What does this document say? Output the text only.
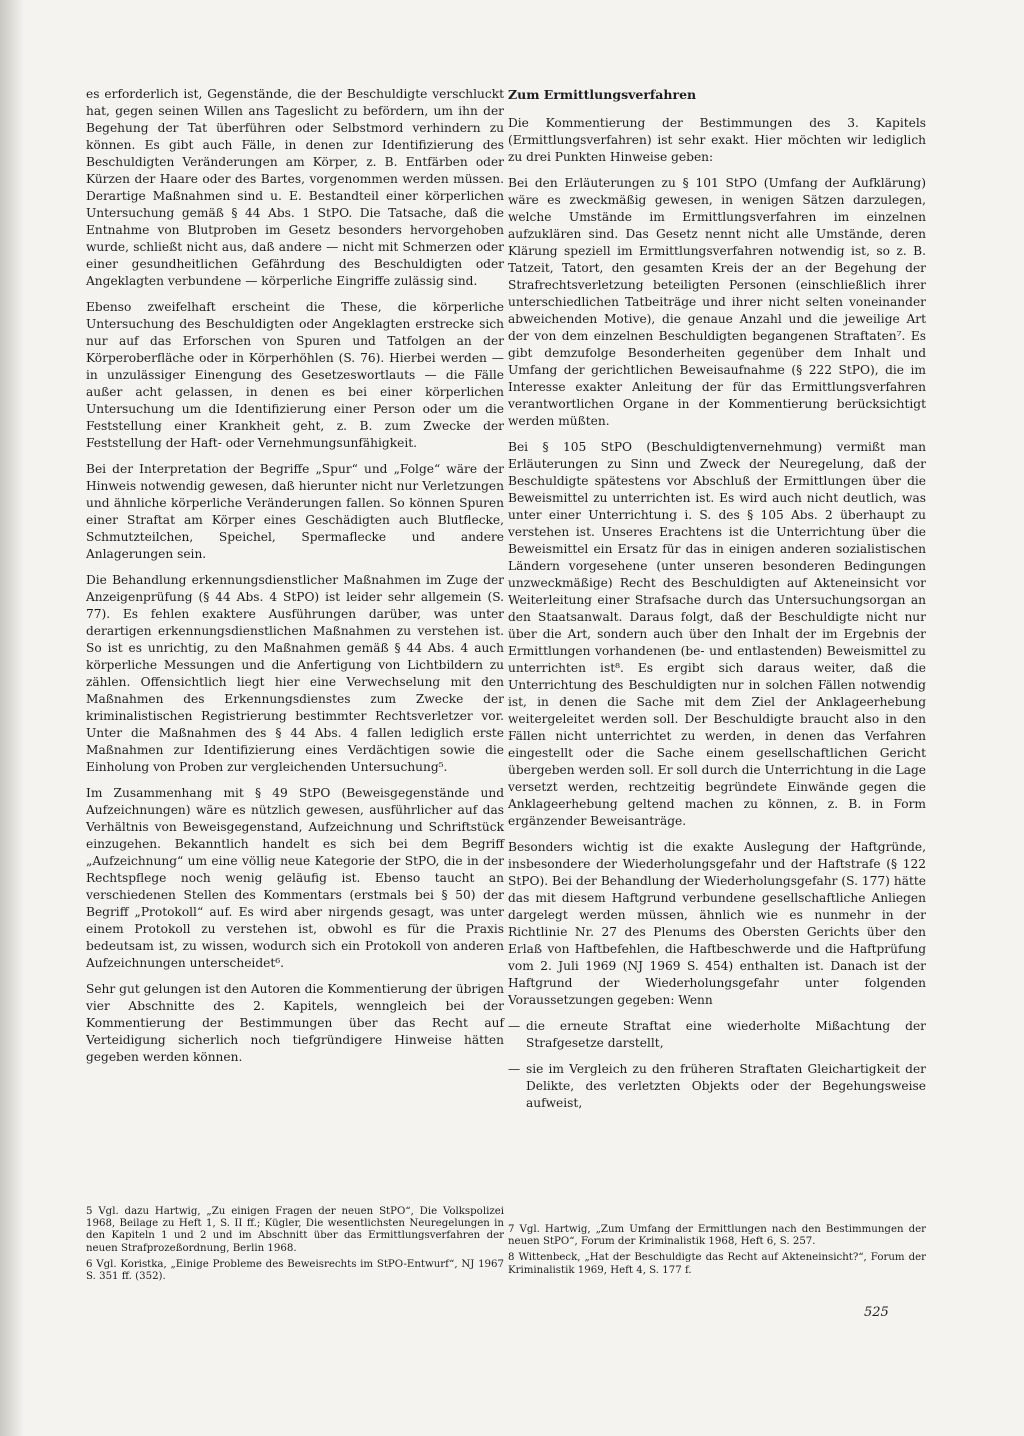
es erforderlich ist, Gegenstände, die der Beschuldigte verschluckt hat, gegen seinen Willen ans Tageslicht zu befördern, um ihn der Begehung der Tat überführen oder Selbstmord verhindern zu können. Es gibt auch Fälle, in denen zur Identifizierung des Beschuldigten Veränderungen am Körper, z. B. Entfärben oder Kürzen der Haare oder des Bartes, vorgenommen werden müssen. Derartige Maßnahmen sind u. E. Bestandteil einer körperlichen Untersuchung gemäß § 44 Abs. 1 StPO. Die Tatsache, daß die Entnahme von Blutproben im Gesetz besonders hervorgehoben wurde, schließt nicht aus, daß andere — nicht mit Schmerzen oder einer gesundheitlichen Gefährdung des Beschuldigten oder Angeklagten verbundene — körperliche Eingriffe zulässig sind.

Ebenso zweifelhaft erscheint die These, die körperliche Untersuchung des Beschuldigten oder Angeklagten erstrecke sich nur auf das Erforschen von Spuren und Tatfolgen an der Körperoberfläche oder in Körperhöhlen (S. 76). Hierbei werden — in unzulässiger Einengung des Gesetzeswortlauts — die Fälle außer acht gelassen, in denen es bei einer körperlichen Untersuchung um die Identifizierung einer Person oder um die Feststellung einer Krankheit geht, z. B. zum Zwecke der Feststellung der Haft- oder Vernehmungsunfähigkeit.

Bei der Interpretation der Begriffe „Spur“ und „Folge“ wäre der Hinweis notwendig gewesen, daß hierunter nicht nur Verletzungen und ähnliche körperliche Veränderungen fallen. So können Spuren einer Straftat am Körper eines Geschädigten auch Blutflecke, Schmutzteilchen, Speichel, Spermaflecke und andere Anlagerungen sein.

Die Behandlung erkennungsdienstlicher Maßnahmen im Zuge der Anzeigenprüfung (§ 44 Abs. 4 StPO) ist leider sehr allgemein (S. 77). Es fehlen exaktere Ausführungen darüber, was unter derartigen erkennungsdienstlichen Maßnahmen zu verstehen ist. So ist es unrichtig, zu den Maßnahmen gemäß § 44 Abs. 4 auch körperliche Messungen und die Anfertigung von Lichtbildern zu zählen. Offensichtlich liegt hier eine Verwechselung mit den Maßnahmen des Erkennungsdienstes zum Zwecke der kriminalistischen Registrierung bestimmter Rechtsverletzer vor. Unter die Maßnahmen des § 44 Abs. 4 fallen lediglich erste Maßnahmen zur Identifizierung eines Verdächtigen sowie die Einholung von Proben zur vergleichenden Untersuchung⁵.

Im Zusammenhang mit § 49 StPO (Beweisgegenstände und Aufzeichnungen) wäre es nützlich gewesen, ausführlicher auf das Verhältnis von Beweisgegenstand, Aufzeichnung und Schriftstück einzugehen. Bekanntlich handelt es sich bei dem Begriff „Aufzeichnung“ um eine völlig neue Kategorie der StPO, die in der Rechtspflege noch wenig geläufig ist. Ebenso taucht an verschiedenen Stellen des Kommentars (erstmals bei § 50) der Begriff „Protokoll“ auf. Es wird aber nirgends gesagt, was unter einem Protokoll zu verstehen ist, obwohl es für die Praxis bedeutsam ist, zu wissen, wodurch sich ein Protokoll von anderen Aufzeichnungen unterscheidet⁶.

Sehr gut gelungen ist den Autoren die Kommentierung der übrigen vier Abschnitte des 2. Kapitels, wenngleich bei der Kommentierung der Bestimmungen über das Recht auf Verteidigung sicherlich noch tiefgründigere Hinweise hätten gegeben werden können.

Zum Ermittlungsverfahren

Die Kommentierung der Bestimmungen des 3. Kapitels (Ermittlungsverfahren) ist sehr exakt. Hier möchten wir lediglich zu drei Punkten Hinweise geben:

Bei den Erläuterungen zu § 101 StPO (Umfang der Aufklärung) wäre es zweckmäßig gewesen, in wenigen Sätzen darzulegen, welche Umstände im Ermittlungsverfahren im einzelnen aufzuklären sind. Das Gesetz nennt nicht alle Umstände, deren Klärung speziell im Ermittlungsverfahren notwendig ist, so z. B. Tatzeit, Tatort, den gesamten Kreis der an der Begehung der Strafrechtsverletzung beteiligten Personen (einschließlich ihrer unterschiedlichen Tatbeiträge und ihrer nicht selten voneinander abweichenden Motive), die genaue Anzahl und die jeweilige Art der von dem einzelnen Beschuldigten begangenen Straftaten⁷. Es gibt demzufolge Besonderheiten gegenüber dem Inhalt und Umfang der gerichtlichen Beweisaufnahme (§ 222 StPO), die im Interesse exakter Anleitung der für das Ermittlungsverfahren verantwortlichen Organe in der Kommentierung berücksichtigt werden müßten.

Bei § 105 StPO (Beschuldigtenvernehmung) vermißt man Erläuterungen zu Sinn und Zweck der Neuregelung, daß der Beschuldigte spätestens vor Abschluß der Ermittlungen über die Beweismittel zu unterrichten ist. Es wird auch nicht deutlich, was unter einer Unterrichtung i. S. des § 105 Abs. 2 überhaupt zu verstehen ist. Unseres Erachtens ist die Unterrichtung über die Beweismittel ein Ersatz für das in einigen anderen sozialistischen Ländern vorgesehene (unter unseren besonderen Bedingungen unzweckmäßige) Recht des Beschuldigten auf Akteneinsicht vor Weiterleitung einer Strafsache durch das Untersuchungsorgan an den Staatsanwalt. Daraus folgt, daß der Beschuldigte nicht nur über die Art, sondern auch über den Inhalt der im Ergebnis der Ermittlungen vorhandenen (be- und entlastenden) Beweismittel zu unterrichten ist⁸. Es ergibt sich daraus weiter, daß die Unterrichtung des Beschuldigten nur in solchen Fällen notwendig ist, in denen die Sache mit dem Ziel der Anklageerhebung weitergeleitet werden soll. Der Beschuldigte braucht also in den Fällen nicht unterrichtet zu werden, in denen das Verfahren eingestellt oder die Sache einem gesellschaftlichen Gericht übergeben werden soll. Er soll durch die Unterrichtung in die Lage versetzt werden, rechtzeitig begründete Einwände gegen die Anklageerhebung geltend machen zu können, z. B. in Form ergänzender Beweisanträge.

Besonders wichtig ist die exakte Auslegung der Haftgründe, insbesondere der Wiederholungsgefahr und der Haftstrafe (§ 122 StPO). Bei der Behandlung der Wiederholungsgefahr (S. 177) hätte das mit diesem Haftgrund verbundene gesellschaftliche Anliegen dargelegt werden müssen, ähnlich wie es nunmehr in der Richtlinie Nr. 27 des Plenums des Obersten Gerichts über den Erlaß von Haftbefehlen, die Haftbeschwerde und die Haftprüfung vom 2. Juli 1969 (NJ 1969 S. 454) enthalten ist. Danach ist der Haftgrund der Wiederholungsgefahr unter folgenden Voraussetzungen gegeben: Wenn

— die erneute Straftat eine wiederholte Mißachtung der Strafgesetze darstellt,
— sie im Vergleich zu den früheren Straftaten Gleichartigkeit der Delikte, des verletzten Objekts oder der Begehungsweise aufweist,
5 Vgl. dazu Hartwig, „Zu einigen Fragen der neuen StPO“, Die Volkspolizei 1968, Beilage zu Heft 1, S. II ff.; Kügler, Die wesentlichsten Neuregelungen in den Kapiteln 1 und 2 und im Abschnitt über das Ermittlungsverfahren der neuen Strafprozeßordnung, Berlin 1968.
6 Vgl. Koristka, „Einige Probleme des Beweisrechts im StPO-Entwurf“, NJ 1967 S. 351 ff. (352).
7 Vgl. Hartwig, „Zum Umfang der Ermittlungen nach den Bestimmungen der neuen StPO“, Forum der Kriminalistik 1968, Heft 6, S. 257.
8 Wittenbeck, „Hat der Beschuldigte das Recht auf Akteneinsicht?“, Forum der Kriminalistik 1969, Heft 4, S. 177 f.
525
